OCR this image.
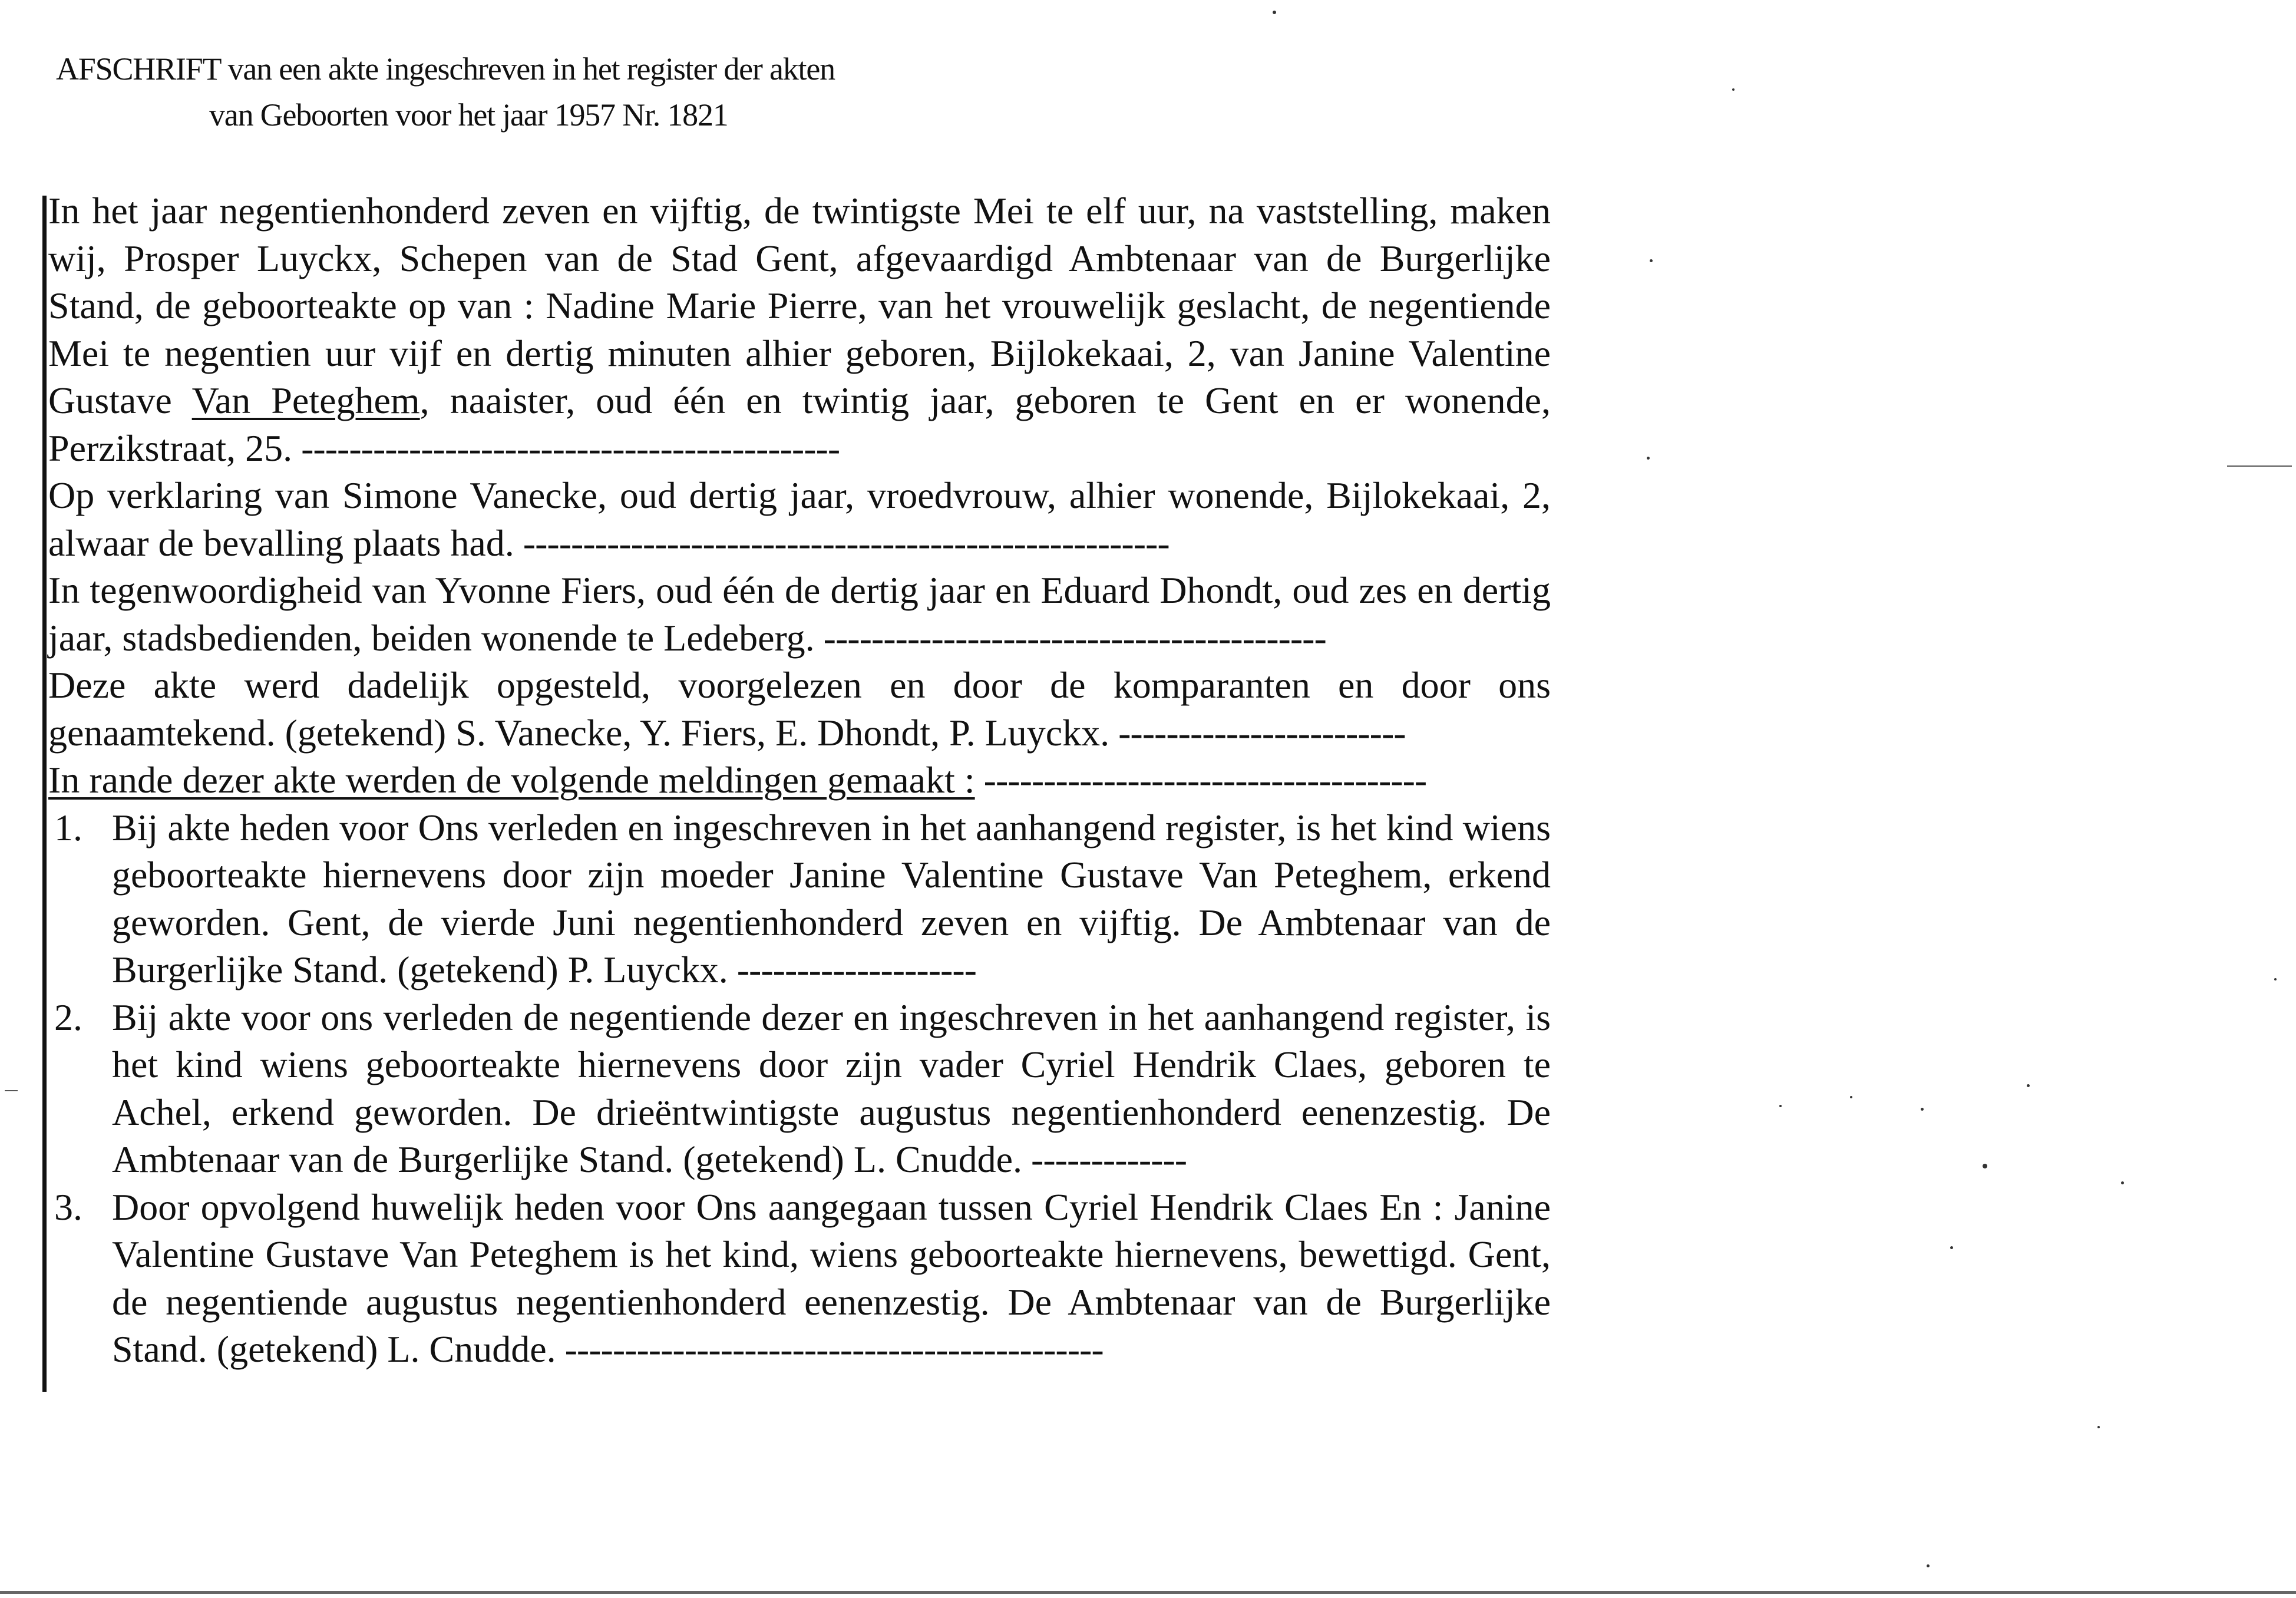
AFSCHRIFT van een akte ingeschreven in het register der akten
van Geboorten voor het jaar 1957 Nr. 1821

In het jaar negentienhonderd zeven en vijftig, de twintigste Mei te elf uur, na vaststelling, maken wij, Prosper Luyckx, Schepen van de Stad Gent, afgevaardigd Ambtenaar van de Burgerlijke Stand, de geboorteakte op van : Nadine Marie Pierre, van het vrouwelijk geslacht, de negentiende Mei te negentien uur vijf en dertig minuten alhier geboren, Bijlokekaai, 2, van Janine Valentine Gustave Van Peteghem, naaister, oud één en twintig jaar, geboren te Gent en er wonende, Perzikstraat, 25. ---------------------------------------------

Op verklaring van Simone Vanecke, oud dertig jaar, vroedvrouw, alhier wonende, Bijlokekaai, 2, alwaar de bevalling plaats had. ------------------------------------------------------

In tegenwoordigheid van Yvonne Fiers, oud één de dertig jaar en Eduard Dhondt, oud zes en dertig jaar, stadsbedienden, beiden wonende te Ledeberg. ------------------------------------------

Deze akte werd dadelijk opgesteld, voorgelezen en door de komparanten en door ons genaamtekend. (getekend) S. Vanecke, Y. Fiers, E. Dhondt, P. Luyckx. ------------------------

In rande dezer akte werden de volgende meldingen gemaakt : -------------------------------------

1. Bij akte heden voor Ons verleden en ingeschreven in het aanhangend register, is het kind wiens geboorteakte hiernevens door zijn moeder Janine Valentine Gustave Van Peteghem, erkend geworden. Gent, de vierde Juni negentienhonderd zeven en vijftig. De Ambtenaar van de Burgerlijke Stand. (getekend) P. Luyckx. --------------------

2. Bij akte voor ons verleden de negentiende dezer en ingeschreven in het aanhangend register, is het kind wiens geboorteakte hiernevens door zijn vader Cyriel Hendrik Claes, geboren te Achel, erkend geworden. De drieëntwintigste augustus negentienhonderd eenenzestig. De Ambtenaar van de Burgerlijke Stand. (getekend) L. Cnudde. -------------

3. Door opvolgend huwelijk heden voor Ons aangegaan tussen Cyriel Hendrik Claes En : Janine Valentine Gustave Van Peteghem is het kind, wiens geboorteakte hiernevens, bewettigd. Gent, de negentiende augustus negentienhonderd eenenzestig. De Ambtenaar van de Burgerlijke Stand. (getekend) L. Cnudde. ---------------------------------------------
